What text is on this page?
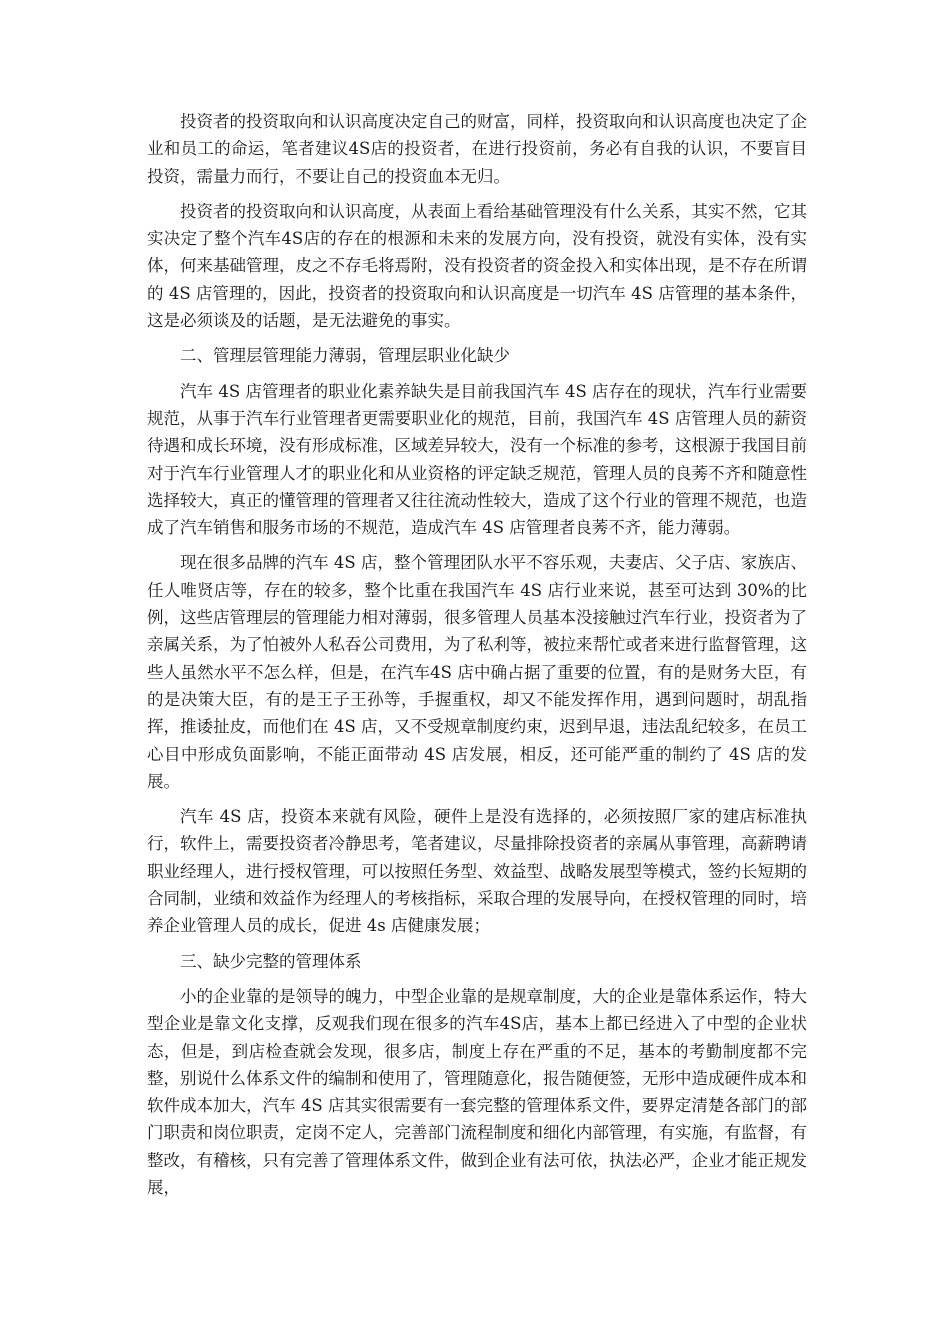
投资者的投资取向和认识高度决定自己的财富，同样，投资取向和认识高度也决定了企业和员工的命运，笔者建议4S店的投资者，在进行投资前，务必有自我的认识，不要盲目投资，需量力而行，不要让自己的投资血本无归。

投资者的投资取向和认识高度，从表面上看给基础管理没有什么关系，其实不然，它其实决定了整个汽车4S店的存在的根源和未来的发展方向，没有投资，就没有实体，没有实体，何来基础管理，皮之不存毛将焉附，没有投资者的资金投入和实体出现，是不存在所谓的 4S 店管理的，因此，投资者的投资取向和认识高度是一切汽车 4S 店管理的基本条件，这是必须谈及的话题，是无法避免的事实。

二、管理层管理能力薄弱，管理层职业化缺少

汽车 4S 店管理者的职业化素养缺失是目前我国汽车 4S 店存在的现状，汽车行业需要规范，从事于汽车行业管理者更需要职业化的规范，目前，我国汽车 4S 店管理人员的薪资待遇和成长环境，没有形成标准，区域差异较大，没有一个标准的参考，这根源于我国目前对于汽车行业管理人才的职业化和从业资格的评定缺乏规范，管理人员的良莠不齐和随意性选择较大，真正的懂管理的管理者又往往流动性较大，造成了这个行业的管理不规范，也造成了汽车销售和服务市场的不规范，造成汽车 4S 店管理者良莠不齐，能力薄弱。

现在很多品牌的汽车 4S 店，整个管理团队水平不容乐观，夫妻店、父子店、家族店、任人唯贤店等，存在的较多，整个比重在我国汽车 4S 店行业来说，甚至可达到 30%的比例，这些店管理层的管理能力相对薄弱，很多管理人员基本没接触过汽车行业，投资者为了亲属关系，为了怕被外人私吞公司费用，为了私利等，被拉来帮忙或者来进行监督管理，这些人虽然水平不怎么样，但是，在汽车4S 店中确占据了重要的位置，有的是财务大臣，有的是决策大臣，有的是王子王孙等，手握重权，却又不能发挥作用，遇到问题时，胡乱指挥，推诿扯皮，而他们在 4S 店，又不受规章制度约束，迟到早退，违法乱纪较多，在员工心目中形成负面影响，不能正面带动 4S 店发展，相反，还可能严重的制约了 4S 店的发展。

汽车 4S 店，投资本来就有风险，硬件上是没有选择的，必须按照厂家的建店标准执行，软件上，需要投资者冷静思考，笔者建议，尽量排除投资者的亲属从事管理，高薪聘请职业经理人，进行授权管理，可以按照任务型、效益型、战略发展型等模式，签约长短期的合同制，业绩和效益作为经理人的考核指标，采取合理的发展导向，在授权管理的同时，培养企业管理人员的成长，促进 4s 店健康发展；

三、缺少完整的管理体系

小的企业靠的是领导的魄力，中型企业靠的是规章制度，大的企业是靠体系运作，特大型企业是靠文化支撑，反观我们现在很多的汽车4S店，基本上都已经进入了中型的企业状态，但是，到店检查就会发现，很多店，制度上存在严重的不足，基本的考勤制度都不完整，别说什么体系文件的编制和使用了，管理随意化，报告随便签，无形中造成硬件成本和软件成本加大，汽车 4S 店其实很需要有一套完整的管理体系文件，要界定清楚各部门的部门职责和岗位职责，定岗不定人，完善部门流程制度和细化内部管理，有实施，有监督，有整改，有稽核，只有完善了管理体系文件，做到企业有法可依，执法必严，企业才能正规发展，
